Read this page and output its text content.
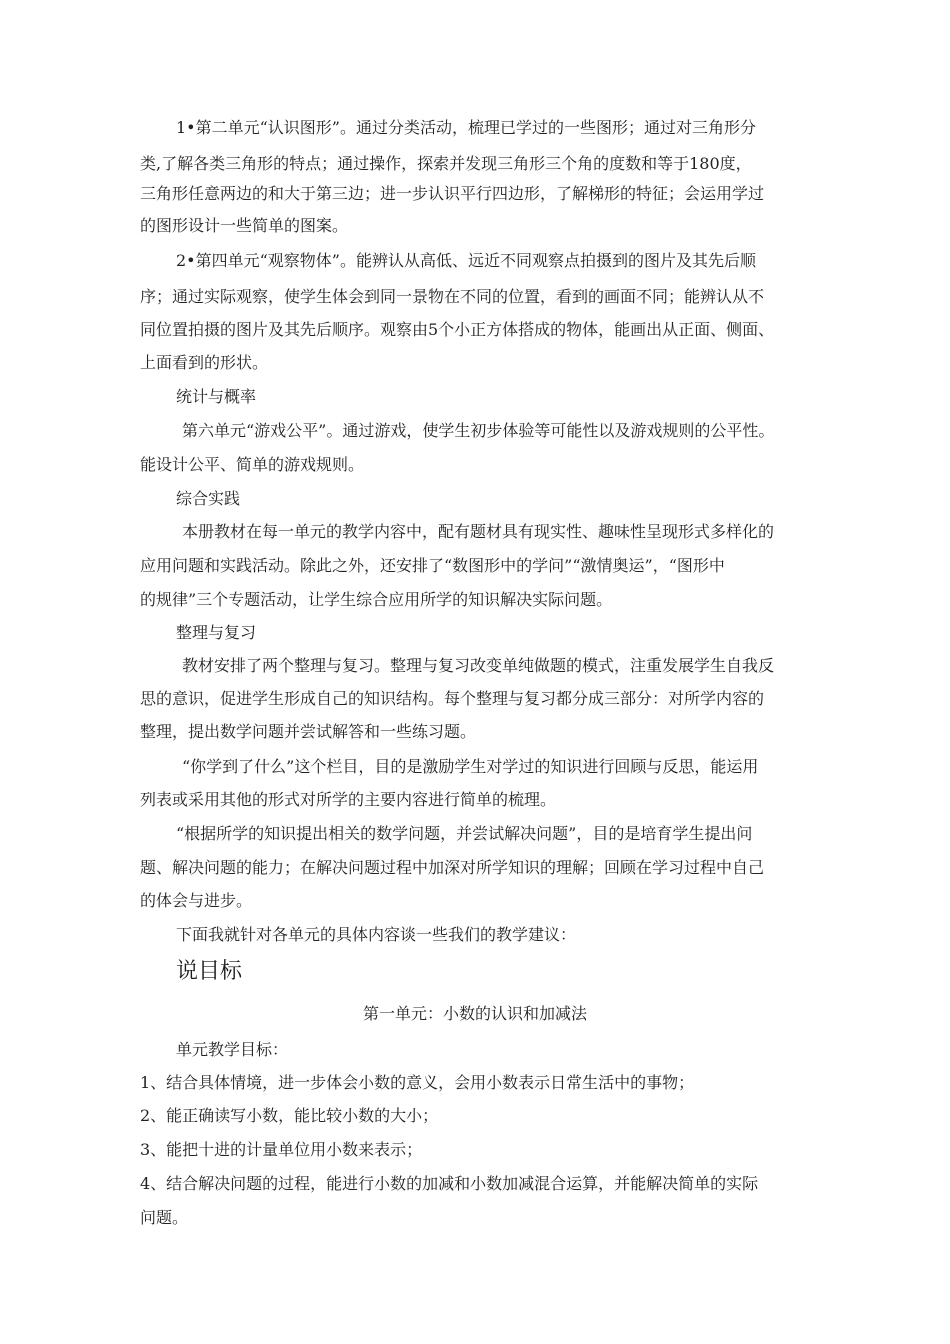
1•第二单元“认识图形”。通过分类活动，梳理已学过的一些图形；通过对三角形分
类,了解各类三角形的特点；通过操作，探索并发现三角形三个角的度数和等于180度，
三角形任意两边的和大于第三边；进一步认识平行四边形，了解梯形的特征；会运用学过
的图形设计一些简单的图案。
2•第四单元“观察物体”。能辨认从高低、远近不同观察点拍摄到的图片及其先后顺
序；通过实际观察，使学生体会到同一景物在不同的位置，看到的画面不同；能辨认从不
同位置拍摄的图片及其先后顺序。观察由5个小正方体搭成的物体，能画出从正面、侧面、
上面看到的形状。
统计与概率
第六单元“游戏公平”。通过游戏，使学生初步体验等可能性以及游戏规则的公平性。
能设计公平、简单的游戏规则。
综合实践
本册教材在每一单元的教学内容中，配有题材具有现实性、趣味性呈现形式多样化的
应用问题和实践活动。除此之外，还安排了“数图形中的学问”“激情奥运”，“图形中
的规律”三个专题活动，让学生综合应用所学的知识解决实际问题。
整理与复习
教材安排了两个整理与复习。整理与复习改变单纯做题的模式，注重发展学生自我反
思的意识，促进学生形成自己的知识结构。每个整理与复习都分成三部分：对所学内容的
整理，提出数学问题并尝试解答和一些练习题。
“你学到了什么”这个栏目，目的是激励学生对学过的知识进行回顾与反思，能运用
列表或采用其他的形式对所学的主要内容进行简单的梳理。
“根据所学的知识提出相关的数学问题，并尝试解决问题”，目的是培育学生提出问
题、解决问题的能力；在解决问题过程中加深对所学知识的理解；回顾在学习过程中自己
的体会与进步。
下面我就针对各单元的具体内容谈一些我们的教学建议：
说目标
第一单元：小数的认识和加减法
单元教学目标：
1、结合具体情境，进一步体会小数的意义，会用小数表示日常生活中的事物；
2、能正确读写小数，能比较小数的大小；
3、能把十进的计量单位用小数来表示；
4、结合解决问题的过程，能进行小数的加减和小数加减混合运算，并能解决简单的实际
问题。
